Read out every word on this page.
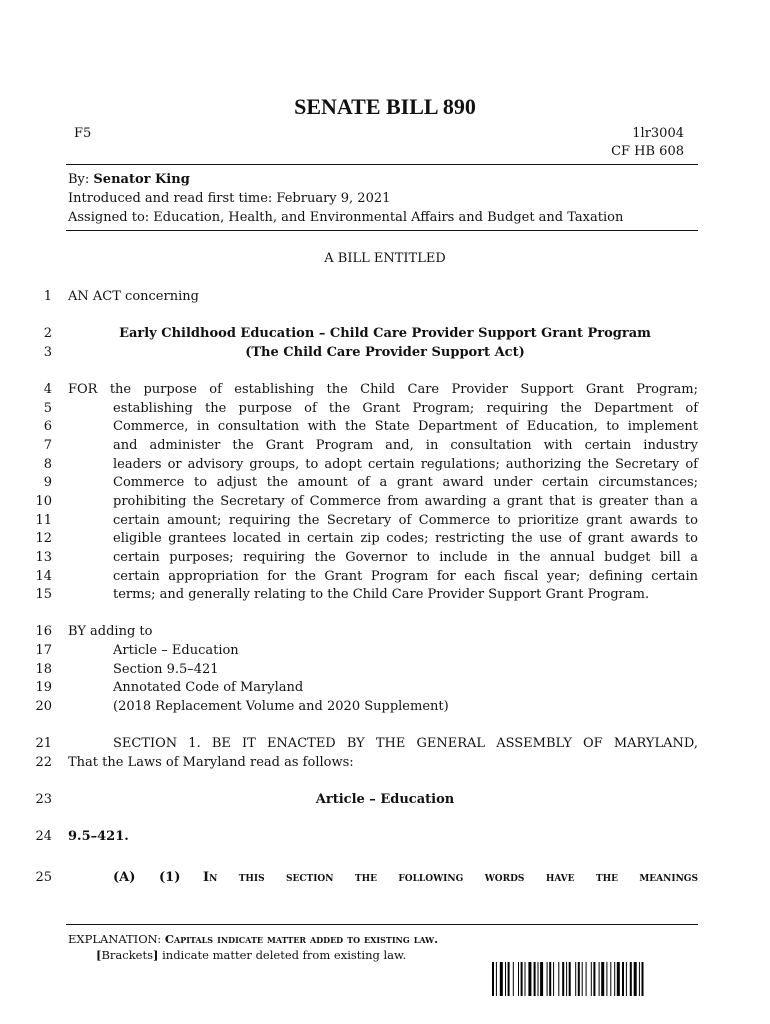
SENATE BILL 890
F5	1lr3004
CF HB 608
By: Senator King
Introduced and read first time: February 9, 2021
Assigned to: Education, Health, and Environmental Affairs and Budget and Taxation
A BILL ENTITLED
1
2
3
4
5
6
7
8
9
10
11
12
13
14
15
16
17
18
19
20
21
22
23
24
25
AN ACT concerning
Early Childhood Education – Child Care Provider Support Grant Program
(The Child Care Provider Support Act)
FOR the purpose of establishing the Child Care Provider Support Grant Program;
establishing the purpose of the Grant Program; requiring the Department of
Commerce, in consultation with the State Department of Education, to implement
and administer the Grant Program and, in consultation with certain industry
leaders or advisory groups, to adopt certain regulations; authorizing the Secretary of
Commerce to adjust the amount of a grant award under certain circumstances;
prohibiting the Secretary of Commerce from awarding a grant that is greater than a
certain amount; requiring the Secretary of Commerce to prioritize grant awards to
eligible grantees located in certain zip codes; restricting the use of grant awards to
certain purposes; requiring the Governor to include in the annual budget bill a
certain appropriation for the Grant Program for each fiscal year; defining certain
terms; and generally relating to the Child Care Provider Support Grant Program.
BY adding to
Article – Education
Section 9.5–421
Annotated Code of Maryland
(2018 Replacement Volume and 2020 Supplement)
SECTION 1. BE IT ENACTED BY THE GENERAL ASSEMBLY OF MARYLAND,
That the Laws of Maryland read as follows:
Article – Education
9.5–421.
(A) (1) In this section the following words have the meanings
EXPLANATION: Capitals indicate matter added to existing law.
[Brackets] indicate matter deleted from existing law.
